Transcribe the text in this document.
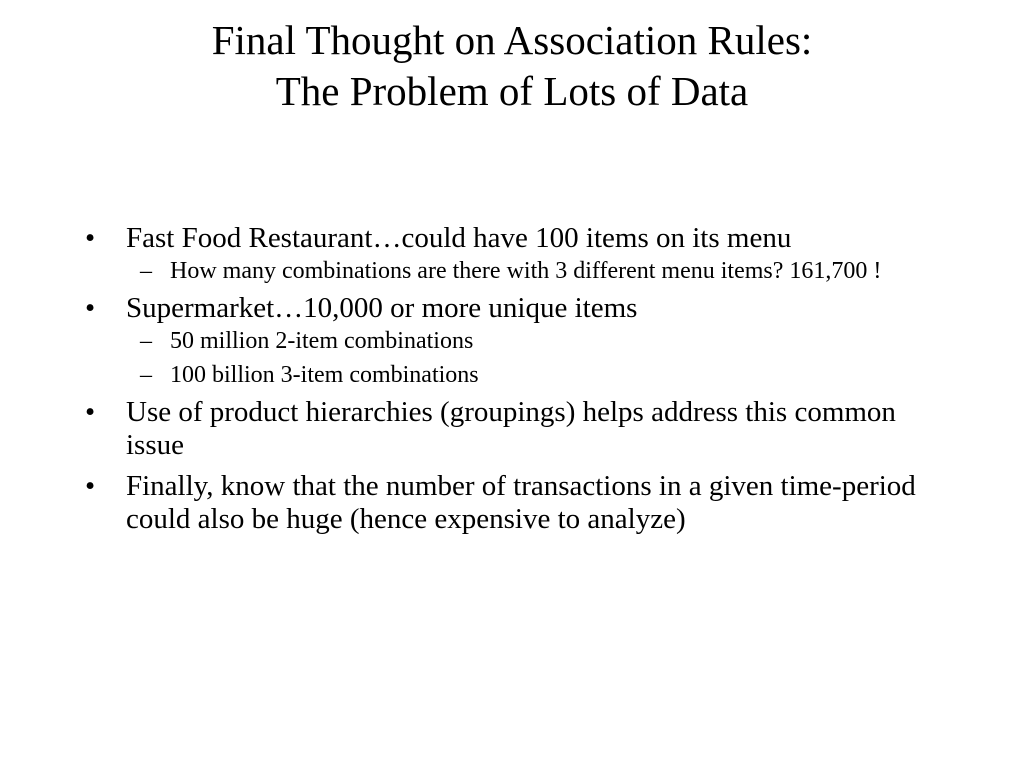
Final Thought on Association Rules:
The Problem of Lots of Data
• Fast Food Restaurant…could have 100 items on its menu
– How many combinations are there with 3 different menu items? 161,700 !
• Supermarket…10,000 or more unique items
– 50 million 2-item combinations
– 100 billion 3-item combinations
• Use of product hierarchies (groupings) helps address this common issue
• Finally, know that the number of transactions in a given time-period could also be huge (hence expensive to analyze)
